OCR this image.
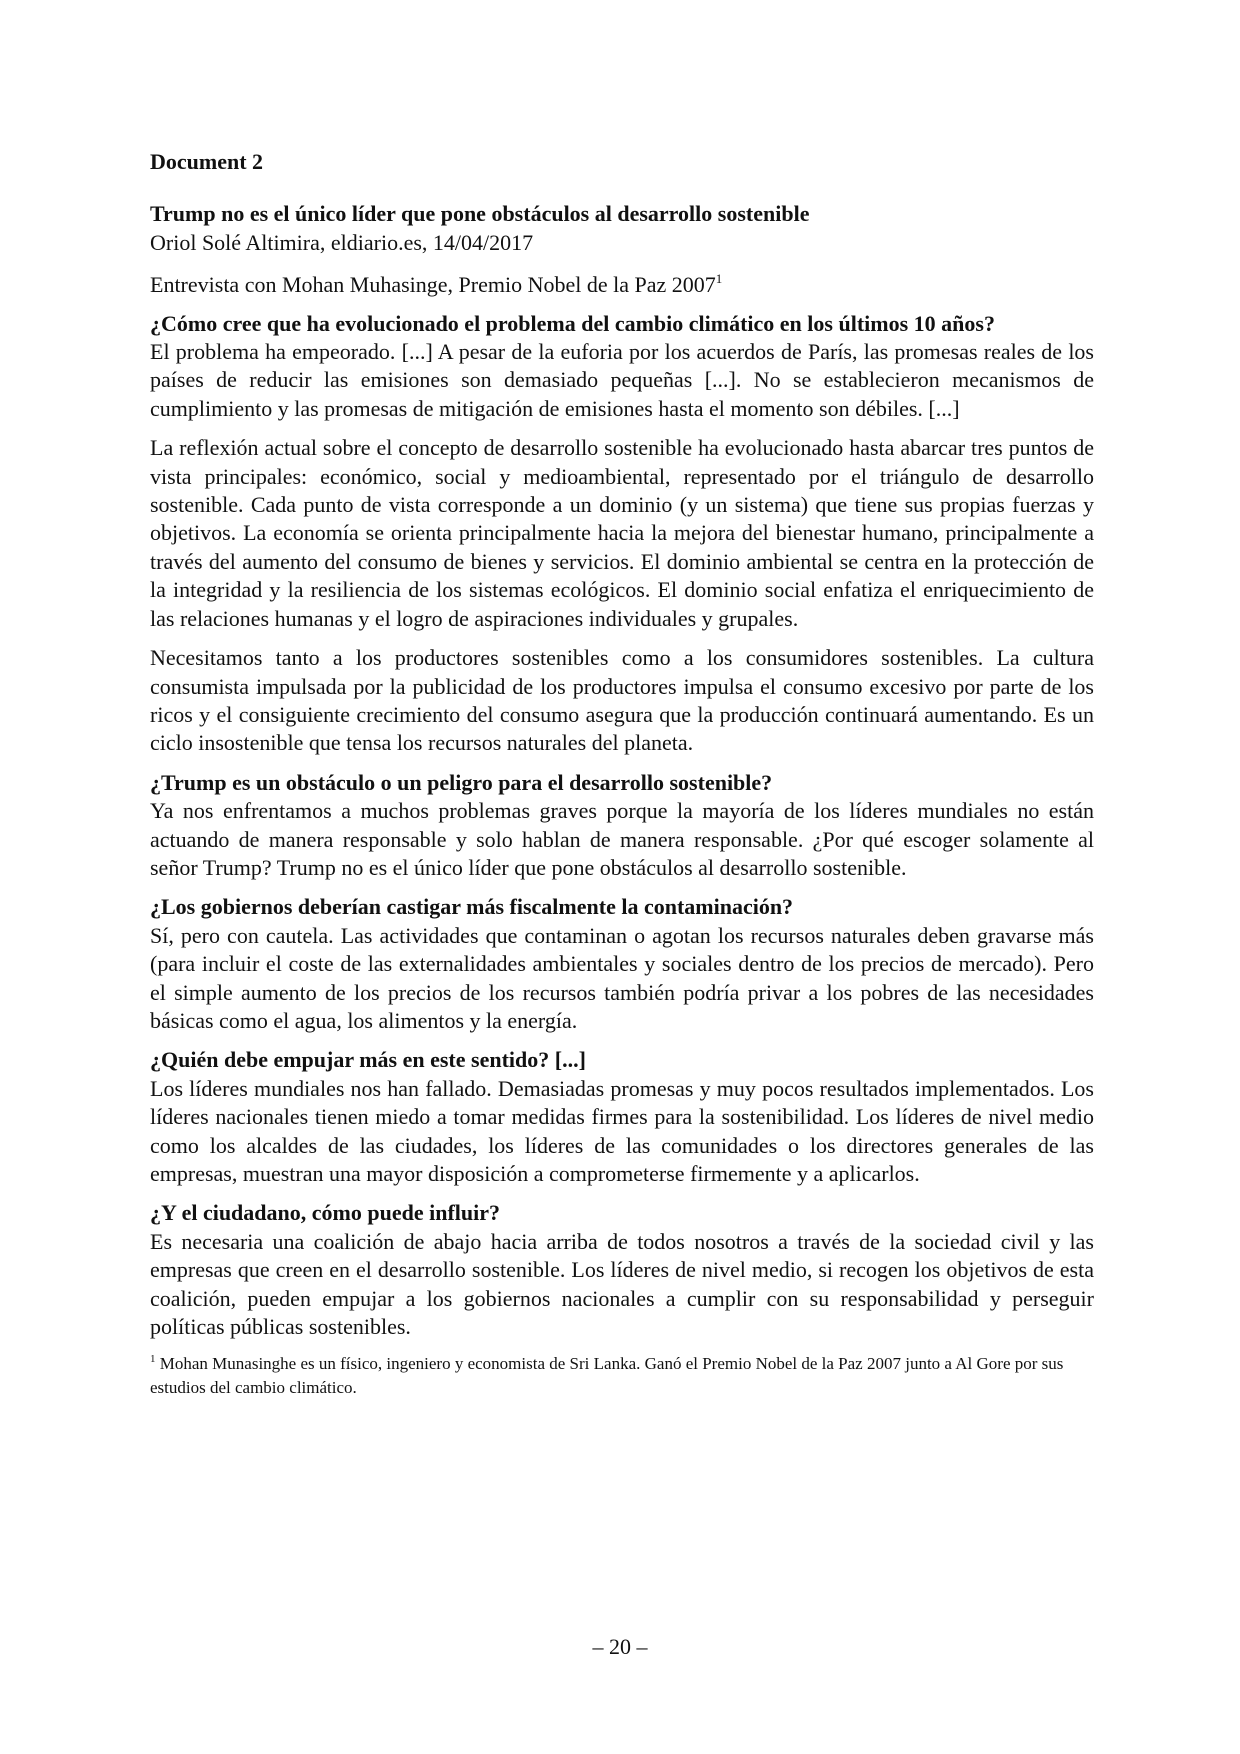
Document 2

Trump no es el único líder que pone obstáculos al desarrollo sostenible

Oriol Solé Altimira, eldiario.es, 14/04/2017

Entrevista con Mohan Muhasinge, Premio Nobel de la Paz 2007$^1$

¿Cómo cree que ha evolucionado el problema del cambio climático en los últimos 10 años?

El problema ha empeorado. [...] A pesar de la euforia por los acuerdos de París, las promesas reales de los países de reducir las emisiones son demasiado pequeñas [...]. No se establecieron mecanismos de cumplimiento y las promesas de mitigación de emisiones hasta el momento son débiles. [...]

La reflexión actual sobre el concepto de desarrollo sostenible ha evolucionado hasta abarcar tres puntos de vista principales: económico, social y medioambiental, representado por el triángulo de desarrollo sostenible. Cada punto de vista corresponde a un dominio (y un sistema) que tiene sus propias fuerzas y objetivos. La economía se orienta principalmente hacia la mejora del bienestar humano, principalmente a través del aumento del consumo de bienes y servicios. El dominio ambiental se centra en la protección de la integridad y la resiliencia de los sistemas ecológicos. El dominio social enfatiza el enriquecimiento de las relaciones humanas y el logro de aspiraciones individuales y grupales.

Necesitamos tanto a los productores sostenibles como a los consumidores sostenibles. La cultura consumista impulsada por la publicidad de los productores impulsa el consumo excesivo por parte de los ricos y el consiguiente crecimiento del consumo asegura que la producción continuará aumentando. Es un ciclo insostenible que tensa los recursos naturales del planeta.

¿Trump es un obstáculo o un peligro para el desarrollo sostenible?

Ya nos enfrentamos a muchos problemas graves porque la mayoría de los líderes mundiales no están actuando de manera responsable y solo hablan de manera responsable. ¿Por qué escoger solamente al señor Trump? Trump no es el único líder que pone obstáculos al desarrollo sostenible.

¿Los gobiernos deberían castigar más fiscalmente la contaminación?

Sí, pero con cautela. Las actividades que contaminan o agotan los recursos naturales deben gravarse más (para incluir el coste de las externalidades ambientales y sociales dentro de los precios de mercado). Pero el simple aumento de los precios de los recursos también podría privar a los pobres de las necesidades básicas como el agua, los alimentos y la energía.

¿Quién debe empujar más en este sentido? [...]

Los líderes mundiales nos han fallado. Demasiadas promesas y muy pocos resultados implementados. Los líderes nacionales tienen miedo a tomar medidas firmes para la sostenibilidad. Los líderes de nivel medio como los alcaldes de las ciudades, los líderes de las comunidades o los directores generales de las empresas, muestran una mayor disposición a comprometerse firmemente y a aplicarlos.

¿Y el ciudadano, cómo puede influir?

Es necesaria una coalición de abajo hacia arriba de todos nosotros a través de la sociedad civil y las empresas que creen en el desarrollo sostenible. Los líderes de nivel medio, si recogen los objetivos de esta coalición, pueden empujar a los gobiernos nacionales a cumplir con su responsabilidad y perseguir políticas públicas sostenibles.

$^1$ Mohan Munasinghe es un físico, ingeniero y economista de Sri Lanka. Ganó el Premio Nobel de la Paz 2007 junto a Al Gore por sus estudios del cambio climático.

– 20 –
